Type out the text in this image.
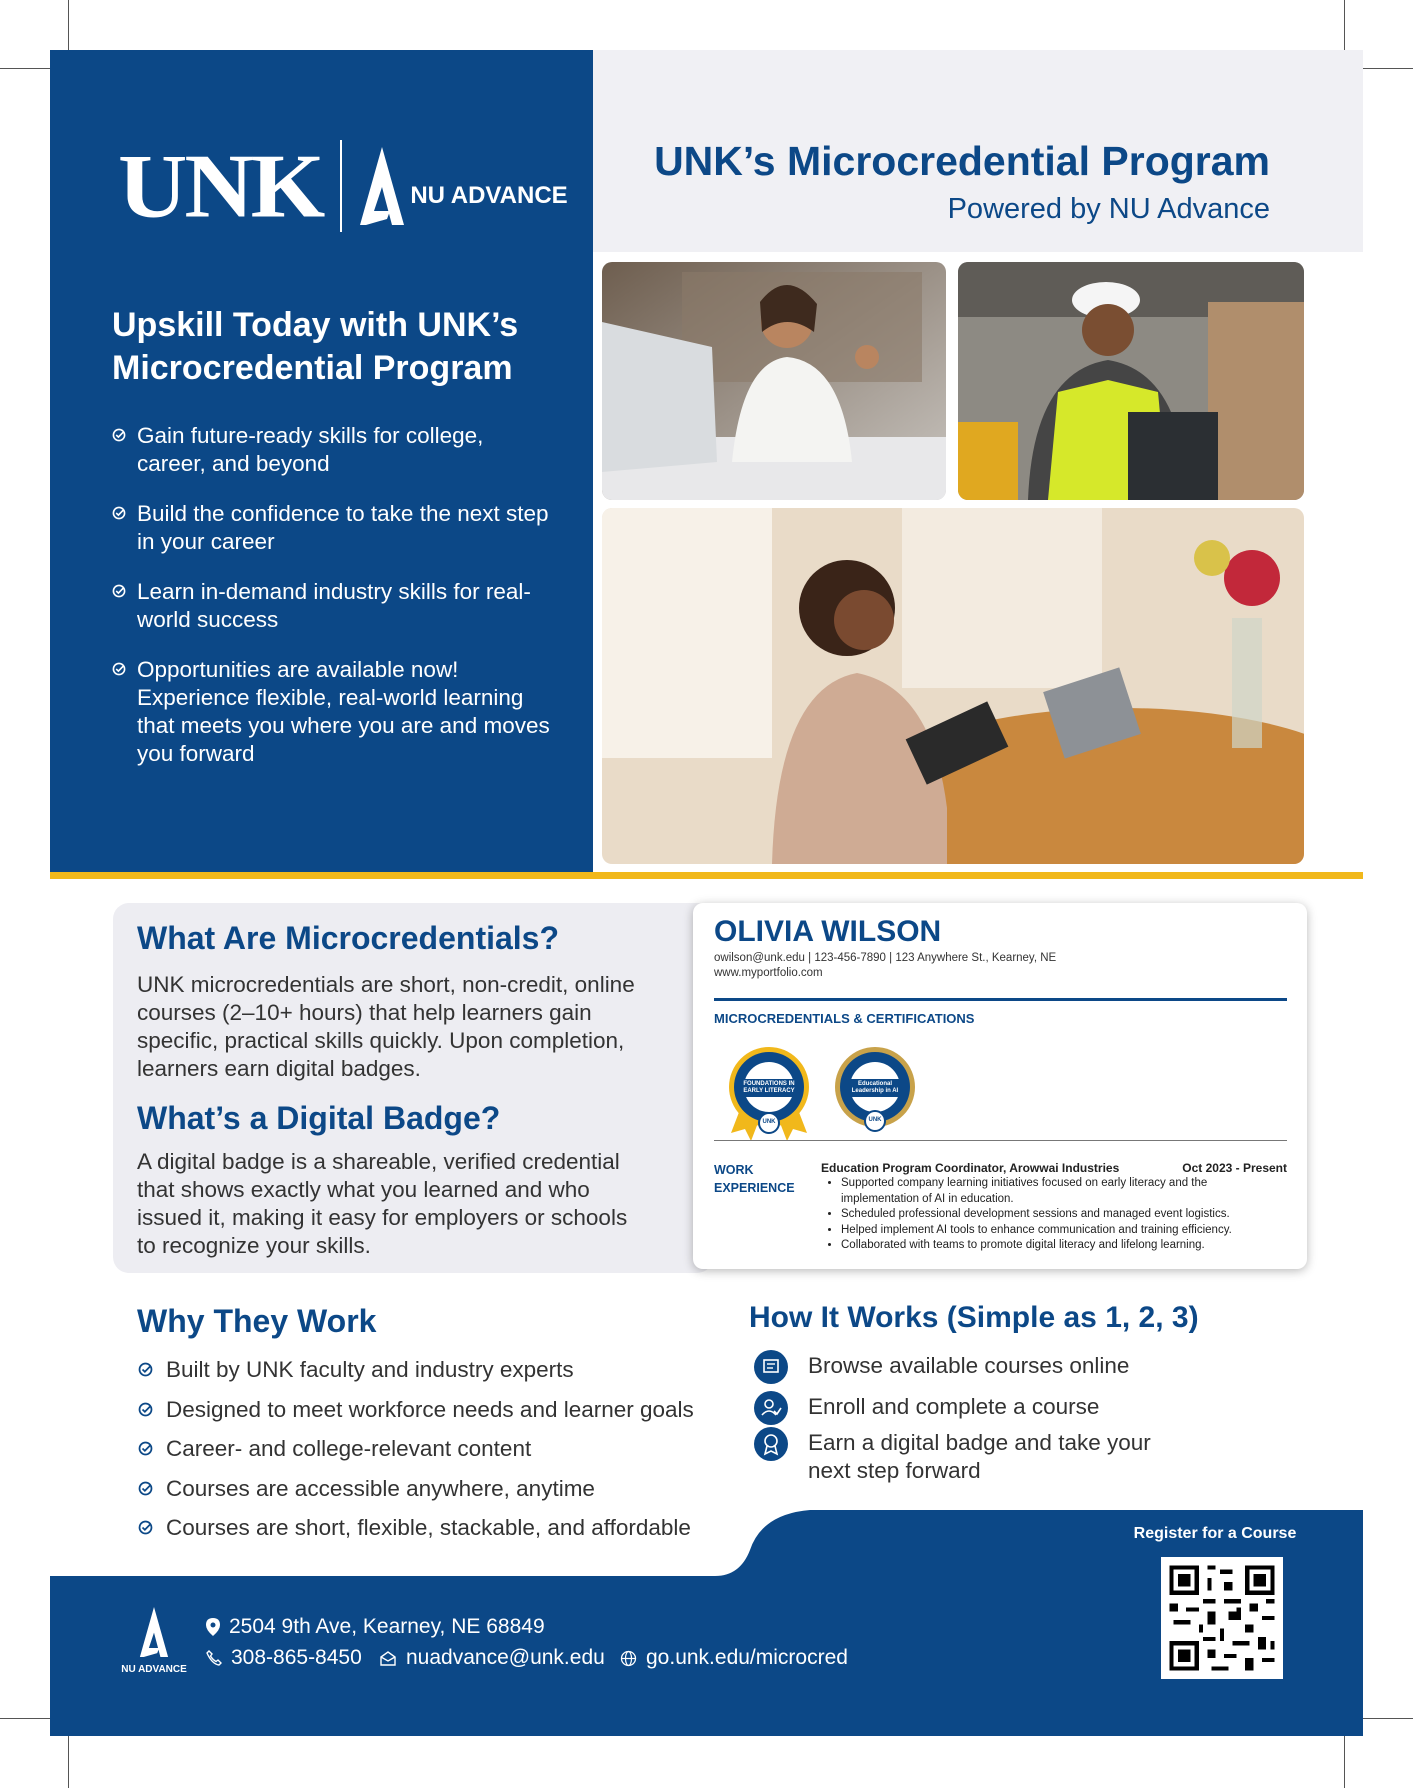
UNK	NU ADVANCE
Upskill Today with UNK’s Microcredential Program
Gain future-ready skills for college, career, and beyond
Build the confidence to take the next step in your career
Learn in-demand industry skills for real-world success
Opportunities are available now! Experience flexible, real-world learning that meets you where you are and moves you forward
UNK’s Microcredential Program
Powered by NU Advance
What Are Microcredentials?
UNK microcredentials are short, non-credit, online courses (2–10+ hours) that help learners gain specific, practical skills quickly. Upon completion, learners earn digital badges.
What’s a Digital Badge?
A digital badge is a shareable, verified credential that shows exactly what you learned and who issued it, making it easy for employers or schools to recognize your skills.
OLIVIA WILSON
owilson@unk.edu | 123-456-7890 | 123 Anywhere St., Kearney, NE
www.myportfolio.com
MICROCREDENTIALS & CERTIFICATIONS
FOUNDATIONS IN EARLY LITERACY
UNK
Educational Leadership in AI
UNK
WORK EXPERIENCE
Education Program Coordinator, Arowwai Industries	Oct 2023 - Present
• Supported company learning initiatives focused on early literacy and the implementation of AI in education.
• Scheduled professional development sessions and managed event logistics.
• Helped implement AI tools to enhance communication and training efficiency.
• Collaborated with teams to promote digital literacy and lifelong learning.
Why They Work
Built by UNK faculty and industry experts
Designed to meet workforce needs and learner goals
Career- and college-relevant content
Courses are accessible anywhere, anytime
Courses are short, flexible, stackable, and affordable
How It Works (Simple as 1, 2, 3)
Browse available courses online
Enroll and complete a course
Earn a digital badge and take your next step forward
Register for a Course
NU ADVANCE
2504 9th Ave, Kearney, NE 68849
308-865-8450 nuadvance@unk.edu go.unk.edu/microcred
